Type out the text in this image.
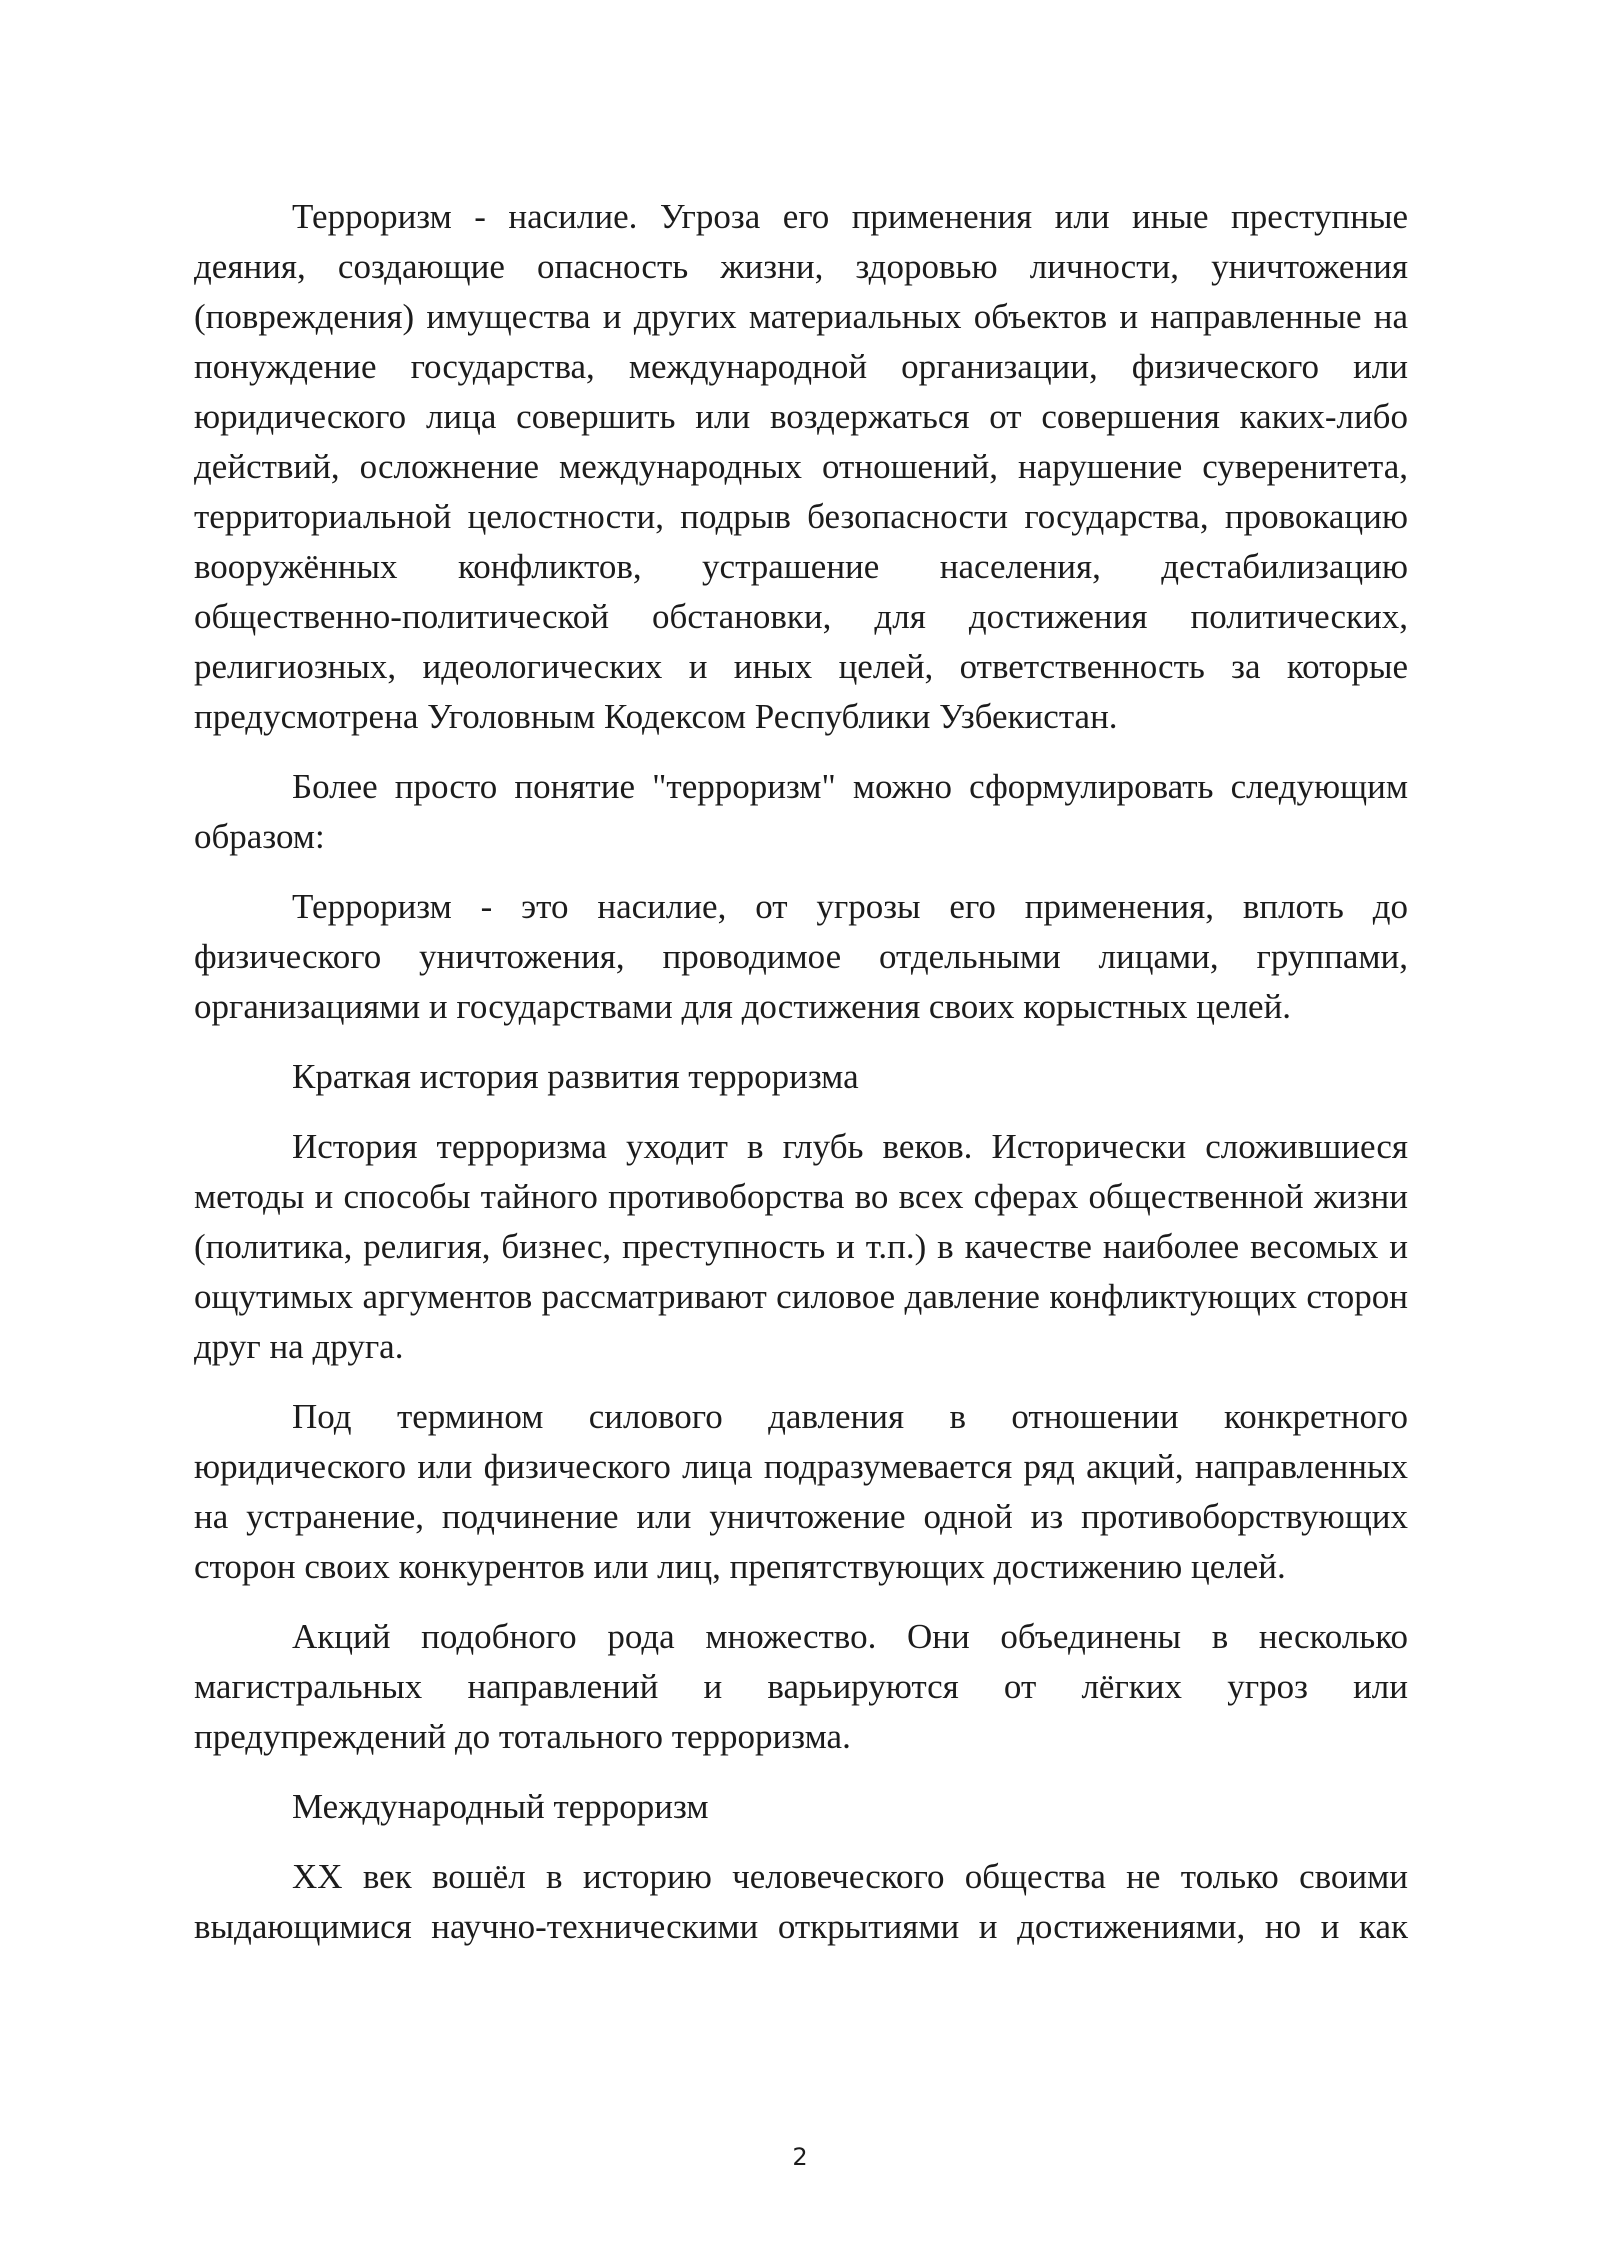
Терроризм - насилие. Угроза его применения или иные преступные деяния, создающие опасность жизни, здоровью личности, уничтожения (повреждения) имущества и других материальных объектов и направленные на понуждение государства, международной организации, физического или юридического лица совершить или воздержаться от совершения каких-либо действий, осложнение международных отношений, нарушение суверенитета, территориальной целостности, подрыв безопасности государства, провокацию вооружённых конфликтов, устрашение населения, дестабилизацию общественно-политической обстановки, для достижения политических, религиозных, идеологических и иных целей, ответственность за которые предусмотрена Уголовным Кодексом Республики Узбекистан.

Более просто понятие "терроризм" можно сформулировать следующим образом:

Терроризм - это насилие, от угрозы его применения, вплоть до физического уничтожения, проводимое отдельными лицами, группами, организациями и государствами для достижения своих корыстных целей.

Краткая история развития терроризма

История терроризма уходит в глубь веков. Исторически сложившиеся методы и способы тайного противоборства во всех сферах общественной жизни (политика, религия, бизнес, преступность и т.п.) в качестве наиболее весомых и ощутимых аргументов рассматривают силовое давление конфликтующих сторон друг на друга.

Под термином силового давления в отношении конкретного юридического или физического лица подразумевается ряд акций, направленных на устранение, подчинение или уничтожение одной из противоборствующих сторон своих конкурентов или лиц, препятствующих достижению целей.

Акций подобного рода множество. Они объединены в несколько магистральных направлений и варьируются от лёгких угроз или предупреждений до тотального терроризма.

Международный терроризм

XX век вошёл в историю человеческого общества не только своими выдающимися научно-техническими открытиями и достижениями, но и как

2
